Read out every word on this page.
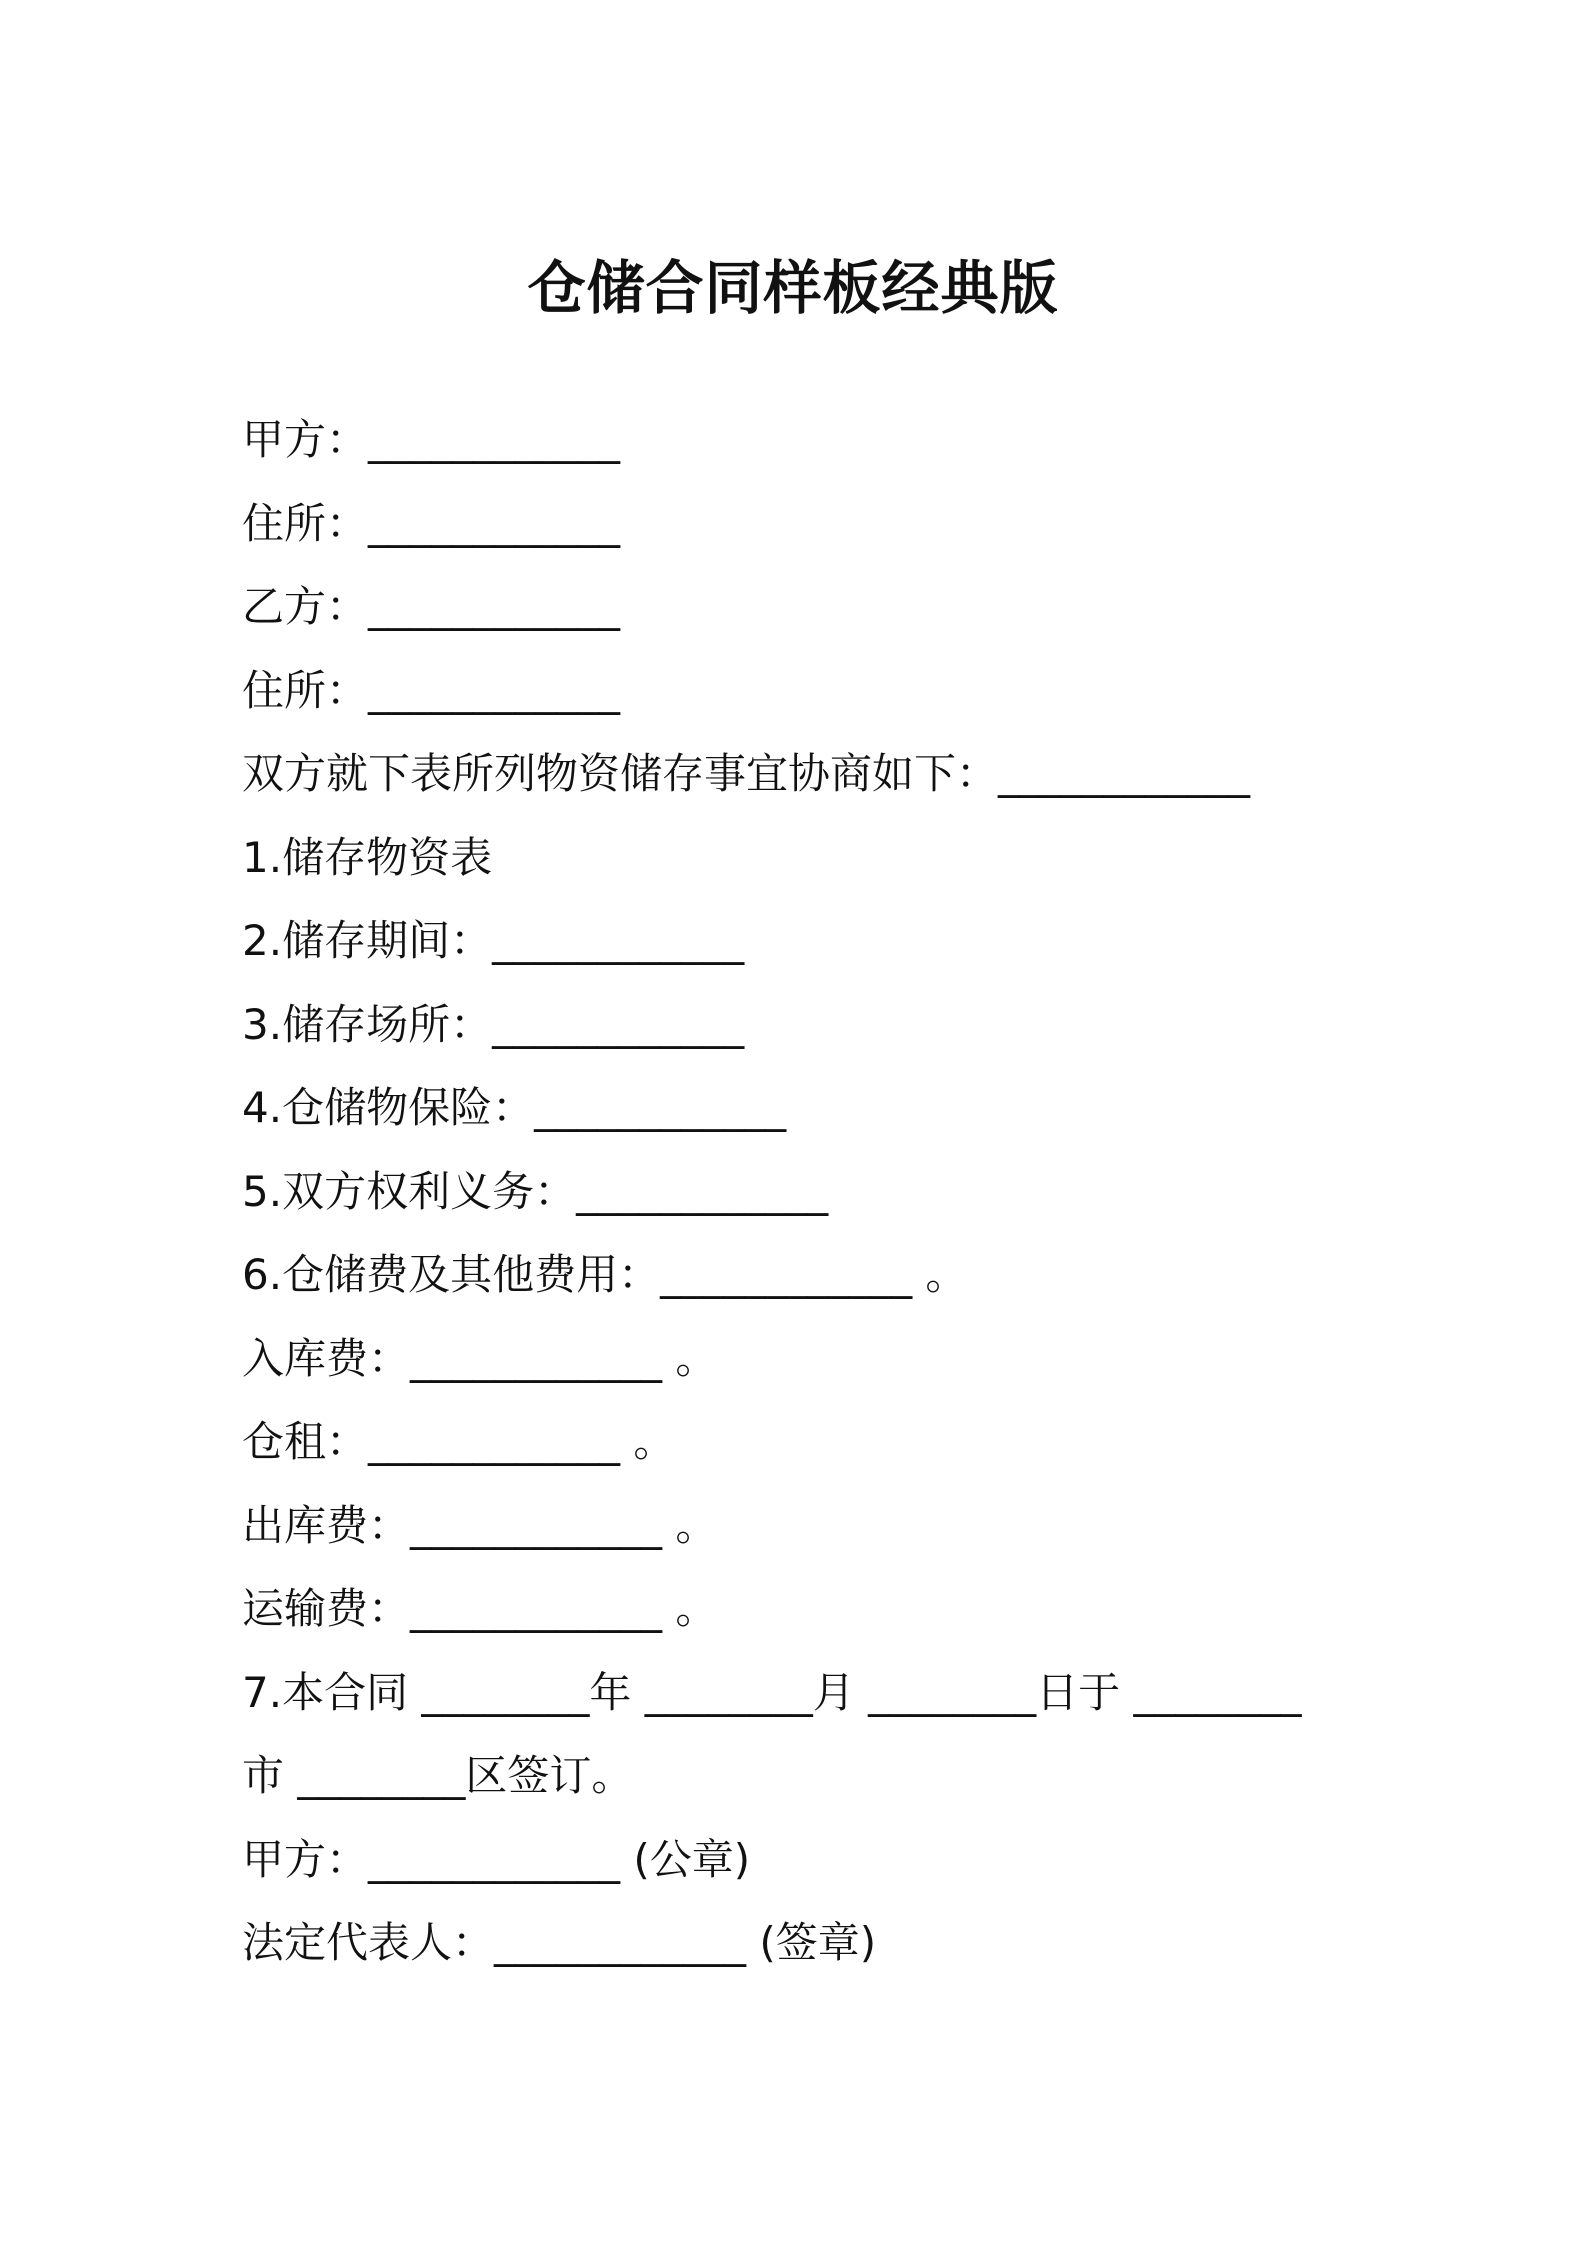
仓储合同样板经典版
甲方：____________
住所：____________
乙方：____________
住所：____________
双方就下表所列物资储存事宜协商如下：____________
1.储存物资表
2.储存期间：____________
3.储存场所：____________
4.仓储物保险：____________
5.双方权利义务：____________
6.仓储费及其他费用：____________ 。
入库费：____________ 。
仓租：____________ 。
出库费：____________ 。
运输费：____________ 。
7.本合同 ________年 ________月 ________日于 ________
市 ________区签订。
甲方：____________ (公章)
法定代表人：____________ (签章)
